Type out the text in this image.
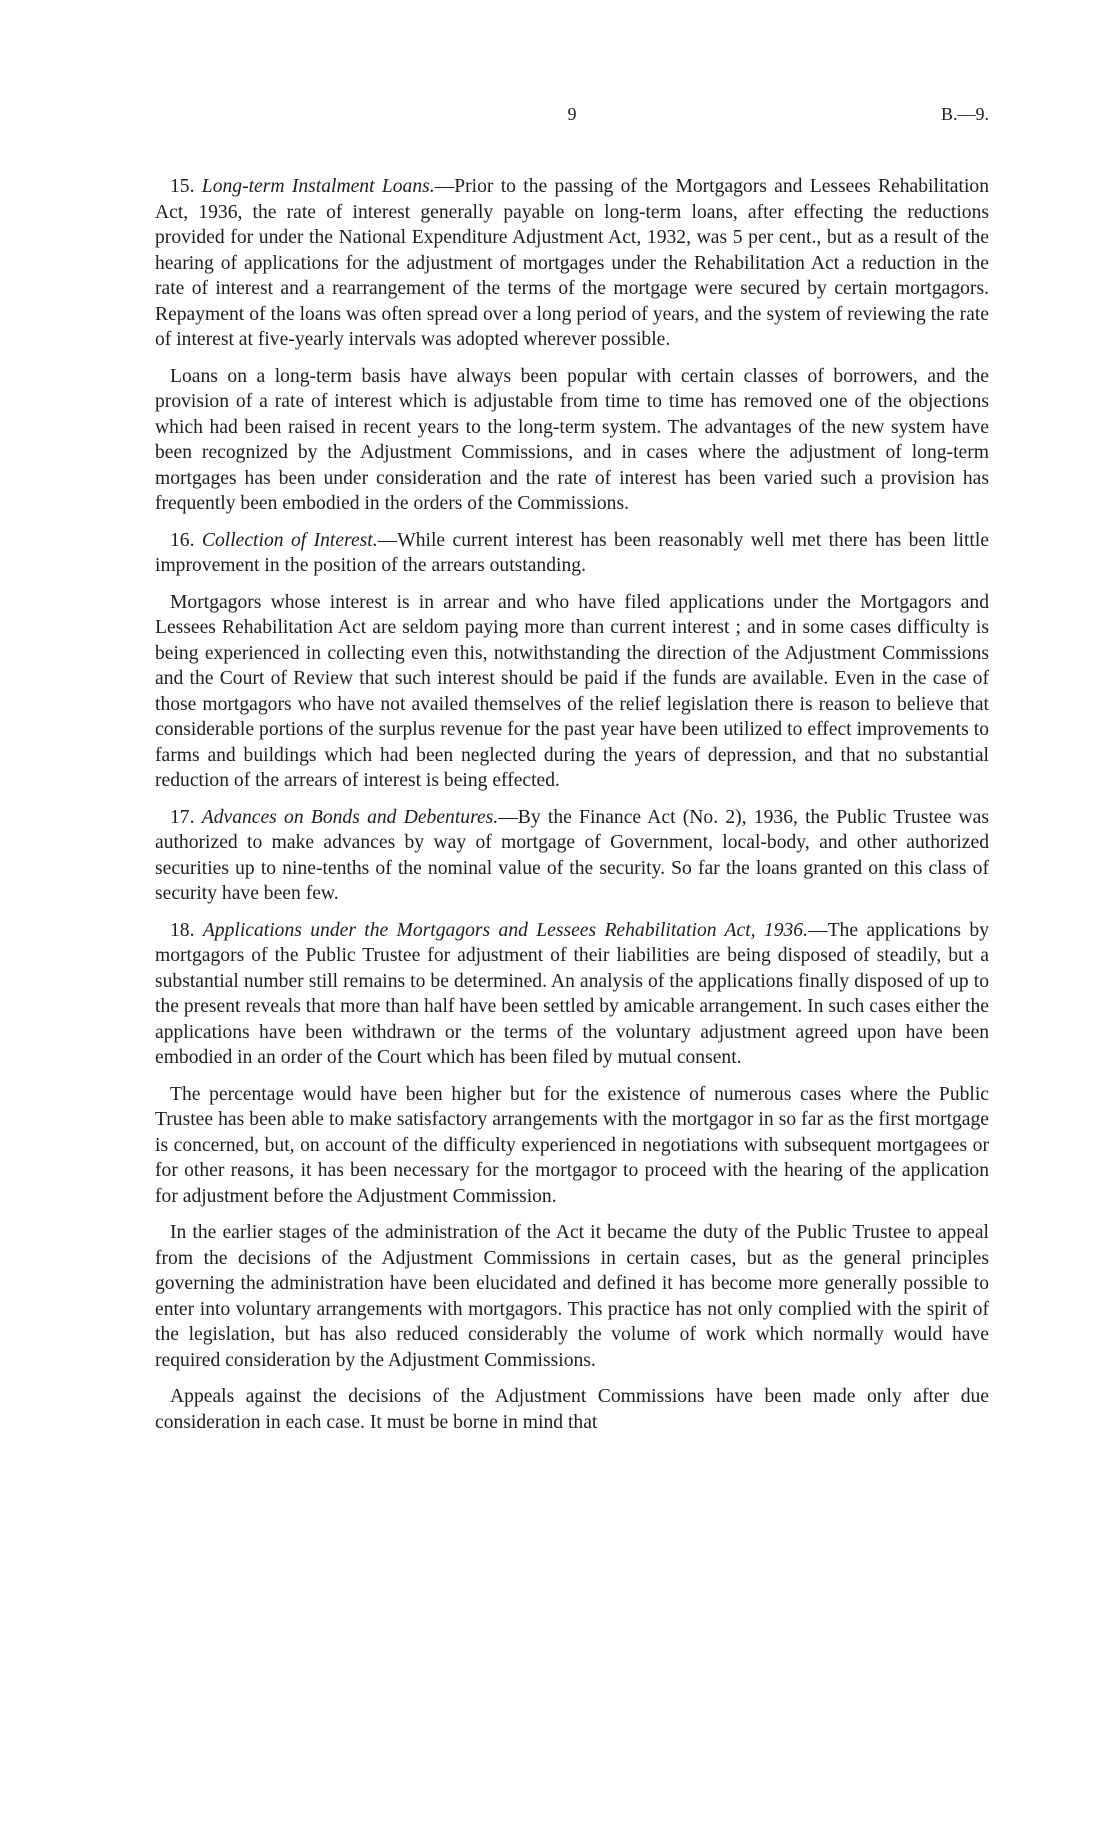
9	B.—9.

15. Long-term Instalment Loans.—Prior to the passing of the Mortgagors and Lessees Rehabilitation Act, 1936, the rate of interest generally payable on long-term loans, after effecting the reductions provided for under the National Expenditure Adjustment Act, 1932, was 5 per cent., but as a result of the hearing of applications for the adjustment of mortgages under the Rehabilitation Act a reduction in the rate of interest and a rearrangement of the terms of the mortgage were secured by certain mortgagors. Repayment of the loans was often spread over a long period of years, and the system of reviewing the rate of interest at five-yearly intervals was adopted wherever possible.

Loans on a long-term basis have always been popular with certain classes of borrowers, and the provision of a rate of interest which is adjustable from time to time has removed one of the objections which had been raised in recent years to the long-term system. The advantages of the new system have been recognized by the Adjustment Commissions, and in cases where the adjustment of long-term mortgages has been under consideration and the rate of interest has been varied such a provision has frequently been embodied in the orders of the Commissions.

16. Collection of Interest.—While current interest has been reasonably well met there has been little improvement in the position of the arrears outstanding.

Mortgagors whose interest is in arrear and who have filed applications under the Mortgagors and Lessees Rehabilitation Act are seldom paying more than current interest ; and in some cases difficulty is being experienced in collecting even this, notwithstanding the direction of the Adjustment Commissions and the Court of Review that such interest should be paid if the funds are available. Even in the case of those mortgagors who have not availed themselves of the relief legislation there is reason to believe that considerable portions of the surplus revenue for the past year have been utilized to effect improvements to farms and buildings which had been neglected during the years of depression, and that no substantial reduction of the arrears of interest is being effected.

17. Advances on Bonds and Debentures.—By the Finance Act (No. 2), 1936, the Public Trustee was authorized to make advances by way of mortgage of Government, local-body, and other authorized securities up to nine-tenths of the nominal value of the security. So far the loans granted on this class of security have been few.

18. Applications under the Mortgagors and Lessees Rehabilitation Act, 1936.—The applications by mortgagors of the Public Trustee for adjustment of their liabilities are being disposed of steadily, but a substantial number still remains to be determined. An analysis of the applications finally disposed of up to the present reveals that more than half have been settled by amicable arrangement. In such cases either the applications have been withdrawn or the terms of the voluntary adjustment agreed upon have been embodied in an order of the Court which has been filed by mutual consent.

The percentage would have been higher but for the existence of numerous cases where the Public Trustee has been able to make satisfactory arrangements with the mortgagor in so far as the first mortgage is concerned, but, on account of the difficulty experienced in negotiations with subsequent mortgagees or for other reasons, it has been necessary for the mortgagor to proceed with the hearing of the application for adjustment before the Adjustment Commission.

In the earlier stages of the administration of the Act it became the duty of the Public Trustee to appeal from the decisions of the Adjustment Commissions in certain cases, but as the general principles governing the administration have been elucidated and defined it has become more generally possible to enter into voluntary arrangements with mortgagors. This practice has not only complied with the spirit of the legislation, but has also reduced considerably the volume of work which normally would have required consideration by the Adjustment Commissions.

Appeals against the decisions of the Adjustment Commissions have been made only after due consideration in each case. It must be borne in mind that
